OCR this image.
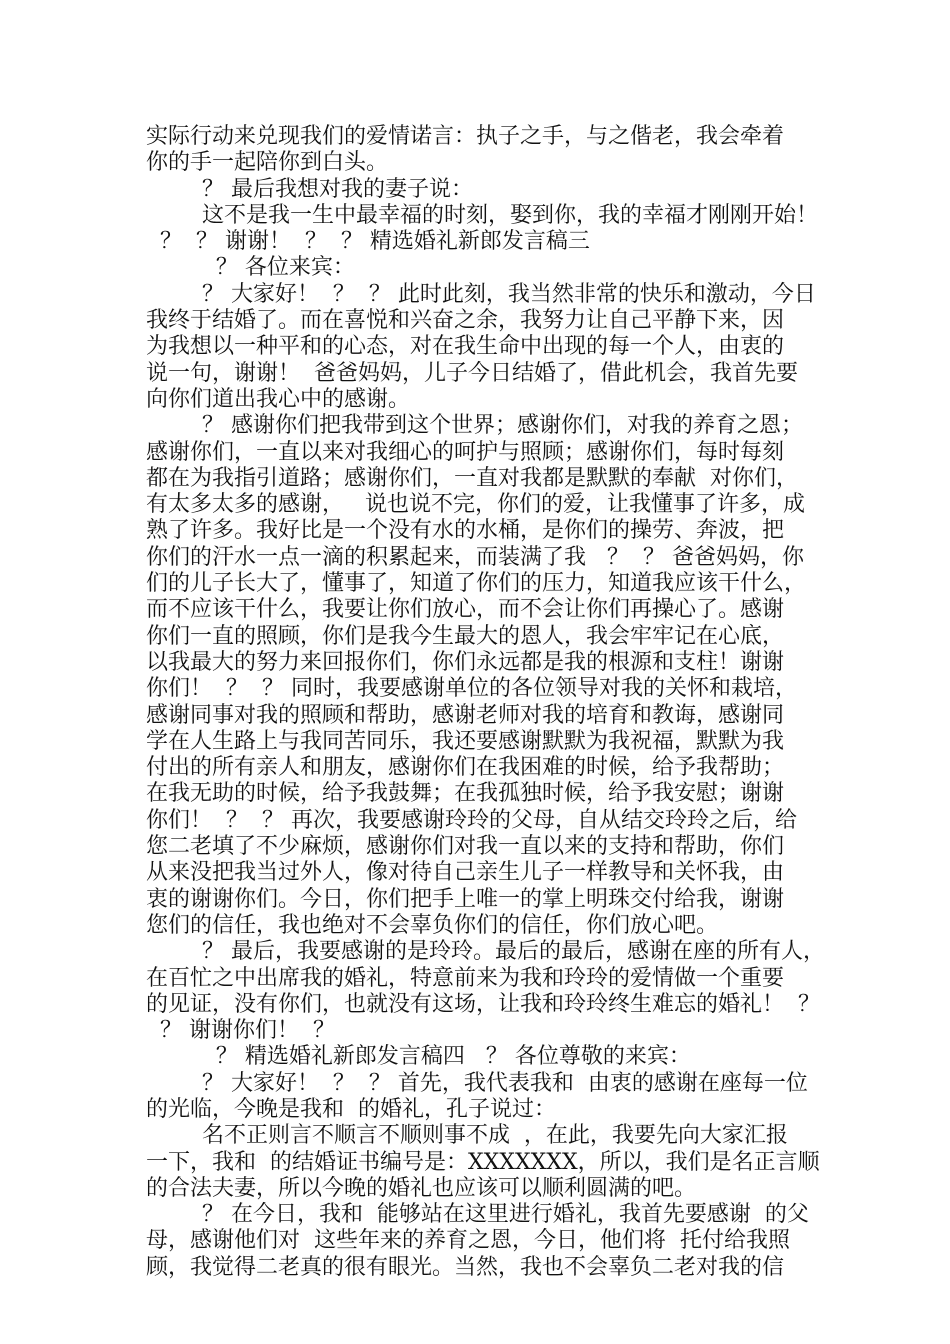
实际行动来兑现我们的爱情诺言：执子之手，与之偕老，我会牵着
你的手一起陪你到白头。
？ 最后我想对我的妻子说：
这不是我一生中最幸福的时刻，娶到你，我的幸福才刚刚开始！
？  ？ 谢谢！  ？  ？ 精选婚礼新郎发言稿三
？ 各位来宾：
？ 大家好！  ？  ？ 此时此刻，我当然非常的快乐和激动，今日
我终于结婚了。而在喜悦和兴奋之余，我努力让自己平静下来，因
为我想以一种平和的心态，对在我生命中出现的每一个人，由衷的
说一句，谢谢！  爸爸妈妈，儿子今日结婚了，借此机会，我首先要
向你们道出我心中的感谢。
？ 感谢你们把我带到这个世界；感谢你们，对我的养育之恩；
感谢你们，一直以来对我细心的呵护与照顾；感谢你们，每时每刻
都在为我指引道路；感谢你们，一直对我都是默默的奉献  对你们，
有太多太多的感谢，   说也说不完，你们的爱，让我懂事了许多，成
熟了许多。我好比是一个没有水的水桶，是你们的操劳、奔波，把
你们的汗水一点一滴的积累起来，而装满了我   ？  ？ 爸爸妈妈，你
们的儿子长大了，懂事了，知道了你们的压力，知道我应该干什么，
而不应该干什么，我要让你们放心，而不会让你们再操心了。感谢
你们一直的照顾，你们是我今生最大的恩人，我会牢牢记在心底，
以我最大的努力来回报你们，你们永远都是我的根源和支柱！谢谢
你们！  ？  ？ 同时，我要感谢单位的各位领导对我的关怀和栽培，
感谢同事对我的照顾和帮助，感谢老师对我的培育和教诲，感谢同
学在人生路上与我同苦同乐，我还要感谢默默为我祝福，默默为我
付出的所有亲人和朋友，感谢你们在我困难的时候，给予我帮助；
在我无助的时候，给予我鼓舞；在我孤独时候，给予我安慰；谢谢
你们！  ？  ？ 再次，我要感谢玲玲的父母，自从结交玲玲之后，给
您二老填了不少麻烦，感谢你们对我一直以来的支持和帮助，你们
从来没把我当过外人，像对待自己亲生儿子一样教导和关怀我，由
衷的谢谢你们。今日，你们把手上唯一的掌上明珠交付给我，谢谢
您们的信任，我也绝对不会辜负你们的信任，你们放心吧。
？ 最后，我要感谢的是玲玲。最后的最后，感谢在座的所有人，
在百忙之中出席我的婚礼，特意前来为我和玲玲的爱情做一个重要
的见证，没有你们，也就没有这场，让我和玲玲终生难忘的婚礼！  ？
？ 谢谢你们！  ？
？ 精选婚礼新郎发言稿四   ？ 各位尊敬的来宾：
？ 大家好！  ？  ？ 首先，我代表我和  由衷的感谢在座每一位
的光临，今晚是我和  的婚礼，孔子说过：
名不正则言不顺言不顺则事不成  ，在此，我要先向大家汇报
一下，我和  的结婚证书编号是：XXXXXXX，所以，我们是名正言顺
的合法夫妻，所以今晚的婚礼也应该可以顺利圆满的吧。
？ 在今日，我和  能够站在这里进行婚礼，我首先要感谢  的父
母，感谢他们对  这些年来的养育之恩，今日，他们将  托付给我照
顾，我觉得二老真的很有眼光。当然，我也不会辜负二老对我的信
